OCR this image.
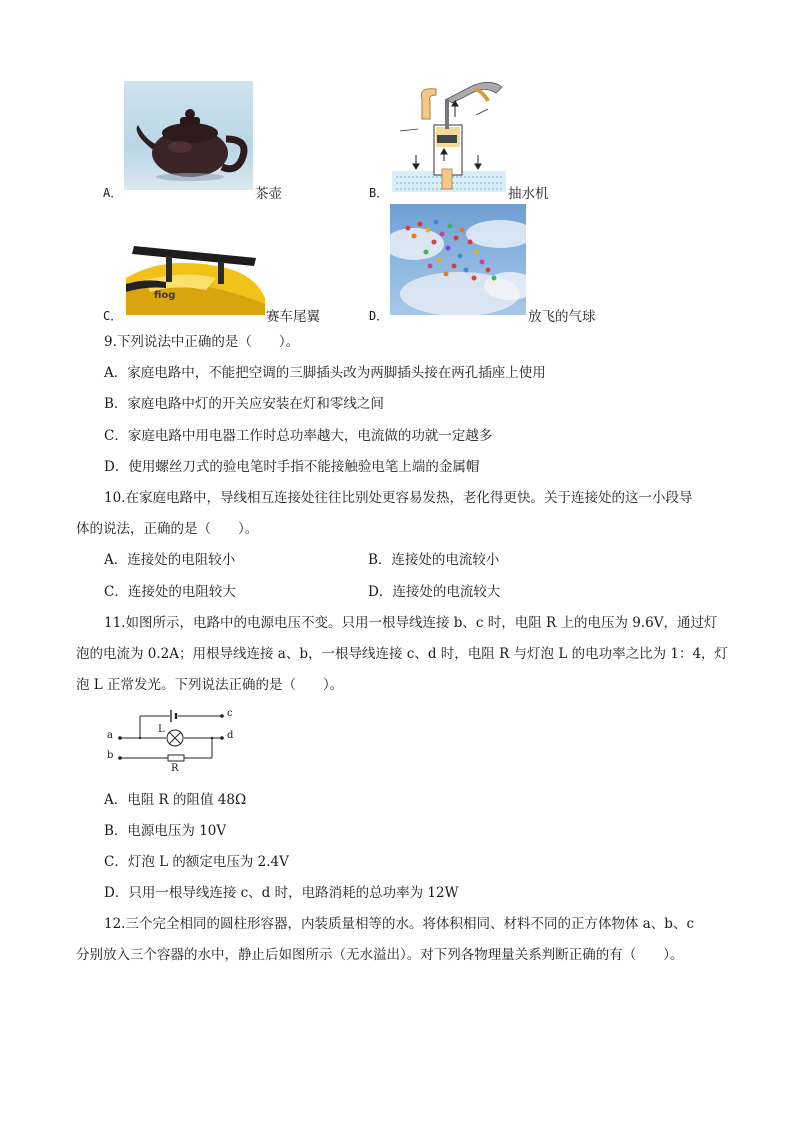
A．	茶壶	B．	抽水机
C．
fiog
赛车尾翼	D．	放飞的气球
9.下列说法中正确的是（　　）。
A．家庭电路中，不能把空调的三脚插头改为两脚插头接在两孔插座上使用
B．家庭电路中灯的开关应安装在灯和零线之间
C．家庭电路中用电器工作时总功率越大，电流做的功就一定越多
D．使用螺丝刀式的验电笔时手指不能接触验电笔上端的金属帽
10.在家庭电路中，导线相互连接处往往比别处更容易发热，老化得更快。关于连接处的这一小段导
体的说法，正确的是（　　）。
A．连接处的电阻较小	B．连接处的电流较小
C．连接处的电阻较大	D．连接处的电流较大
11.如图所示，电路中的电源电压不变。只用一根导线连接 b、c 时，电阻 R 上的电压为 9.6V，通过灯
泡的电流为 0.2A；用根导线连接 a、b，一根导线连接 c、d 时，电阻 R 与灯泡 L 的电功率之比为 1：4，灯
泡 L 正常发光。下列说法正确的是（　　）。
a
b
c
d
L
R
A．电阻 R 的阻值 48Ω
B．电源电压为 10V
C．灯泡 L 的额定电压为 2.4V
D．只用一根导线连接 c、d 时，电路消耗的总功率为 12W
12.三个完全相同的圆柱形容器，内装质量相等的水。将体积相同、材料不同的正方体物体 a、b、c
分别放入三个容器的水中，静止后如图所示（无水溢出）。对下列各物理量关系判断正确的有（　　）。
